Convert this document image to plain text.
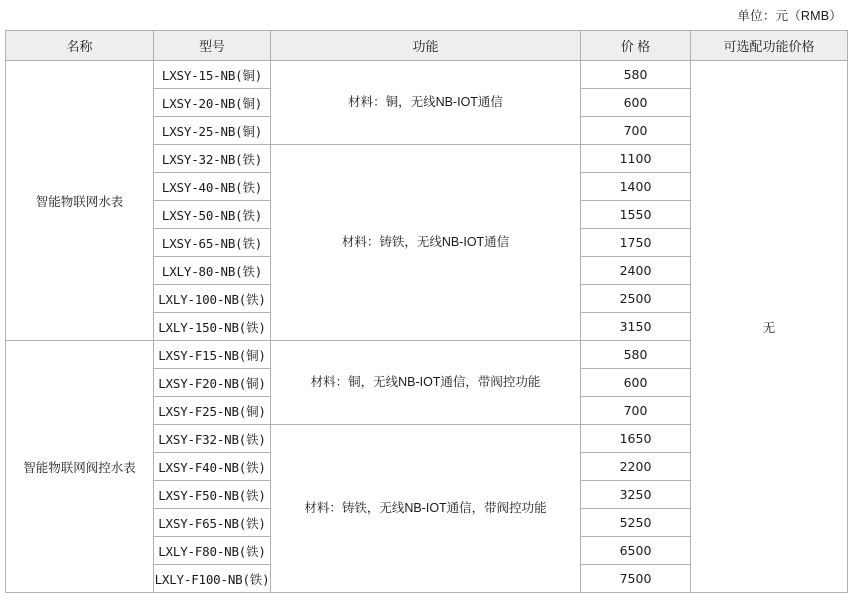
单位：元（RMB）
名称	型号	功能	价 格	可选配功能价格
智能物联网水表	LXSY-15-NB(铜)	材料：铜，无线NB-IOT通信	580	无
	LXSY-20-NB(铜)		600	
	LXSY-25-NB(铜)		700	
	LXSY-32-NB(铁)	材料：铸铁，无线NB-IOT通信	1100	
	LXSY-40-NB(铁)		1400	
	LXSY-50-NB(铁)		1550	
	LXSY-65-NB(铁)		1750	
	LXLY-80-NB(铁)		2400	
	LXLY-100-NB(铁)		2500	
	LXLY-150-NB(铁)		3150	
智能物联网阀控水表	LXSY-F15-NB(铜)	材料：铜，无线NB-IOT通信，带阀控功能	580	
	LXSY-F20-NB(铜)		600	
	LXSY-F25-NB(铜)		700	
	LXSY-F32-NB(铁)	材料：铸铁，无线NB-IOT通信，带阀控功能	1650	
	LXSY-F40-NB(铁)		2200	
	LXSY-F50-NB(铁)		3250	
	LXSY-F65-NB(铁)		5250	
	LXLY-F80-NB(铁)		6500	
	LXLY-F100-NB(铁)		7500	
